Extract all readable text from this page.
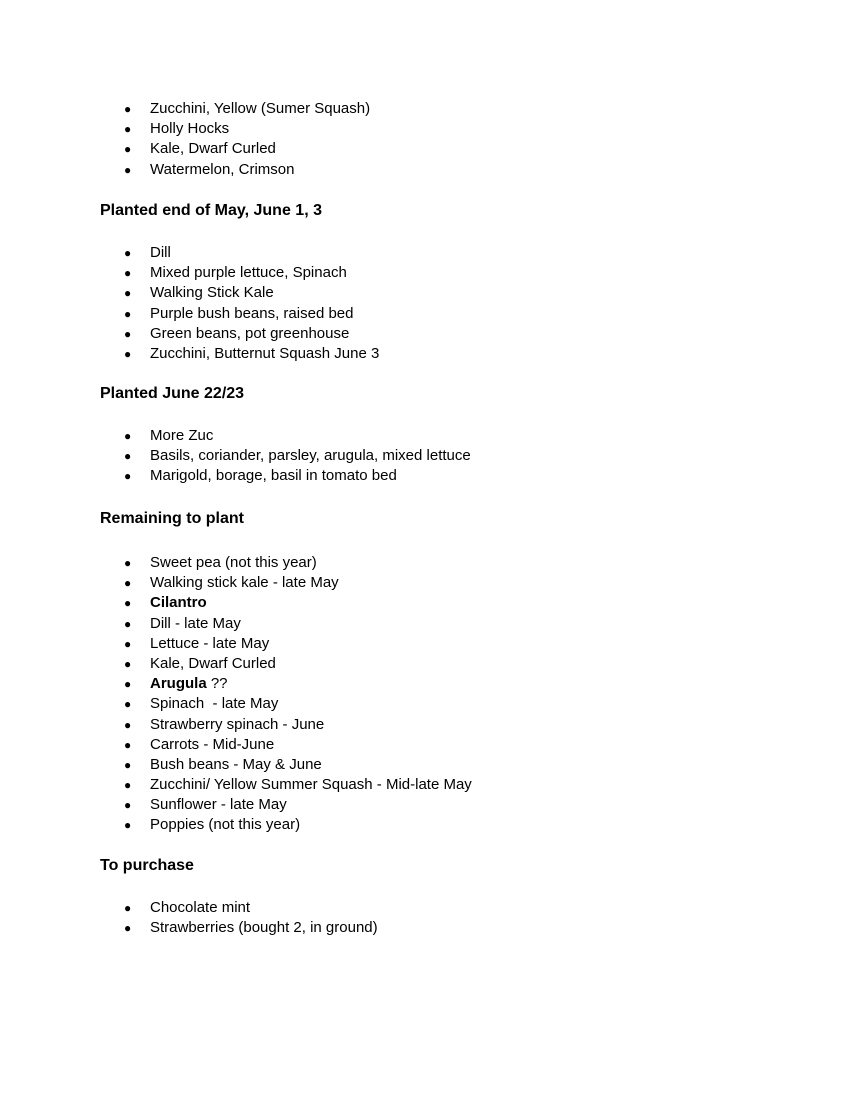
● Zucchini, Yellow (Sumer Squash)
● Holly Hocks
● Kale, Dwarf Curled
● Watermelon, Crimson
Planted end of May, June 1, 3
● Dill
● Mixed purple lettuce, Spinach
● Walking Stick Kale
● Purple bush beans, raised bed
● Green beans, pot greenhouse
● Zucchini, Butternut Squash June 3
Planted June 22/23
● More Zuc
● Basils, coriander, parsley, arugula, mixed lettuce
● Marigold, borage, basil in tomato bed
Remaining to plant
● Sweet pea (not this year)
● Walking stick kale - late May
● Cilantro
● Dill - late May
● Lettuce - late May
● Kale, Dwarf Curled
● Arugula ??
● Spinach  - late May
● Strawberry spinach - June
● Carrots - Mid-June
● Bush beans - May & June
● Zucchini/ Yellow Summer Squash - Mid-late May
● Sunflower - late May
● Poppies (not this year)
To purchase
● Chocolate mint
● Strawberries (bought 2, in ground)
